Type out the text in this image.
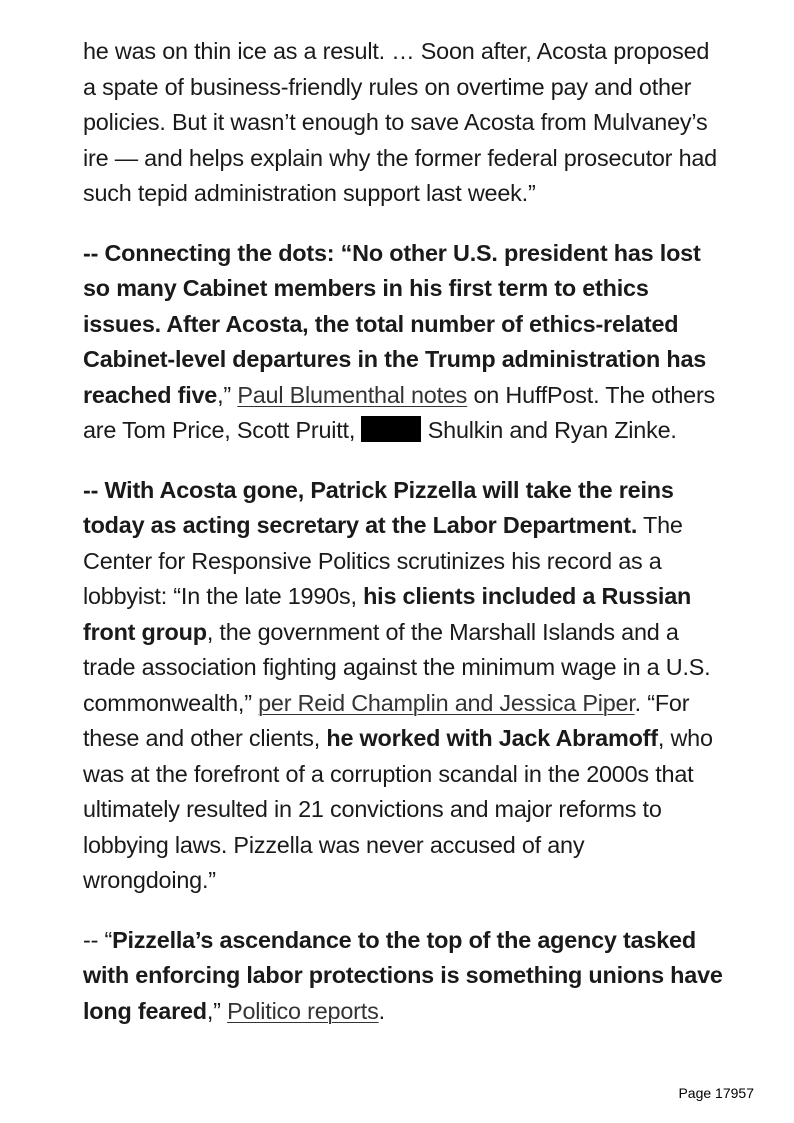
he was on thin ice as a result. … Soon after, Acosta proposed a spate of business-friendly rules on overtime pay and other policies. But it wasn’t enough to save Acosta from Mulvaney’s ire — and helps explain why the former federal prosecutor had such tepid administration support last week.”

-- Connecting the dots: “No other U.S. president has lost so many Cabinet members in his first term to ethics issues. After Acosta, the total number of ethics-related Cabinet-level departures in the Trump administration has reached five,” Paul Blumenthal notes on HuffPost. The others are Tom Price, Scott Pruitt,	Shulkin and Ryan Zinke.

-- With Acosta gone, Patrick Pizzella will take the reins today as acting secretary at the Labor Department. The Center for Responsive Politics scrutinizes his record as a lobbyist: “In the late 1990s, his clients included a Russian front group, the government of the Marshall Islands and a trade association fighting against the minimum wage in a U.S. commonwealth,” per Reid Champlin and Jessica Piper. “For these and other clients, he worked with Jack Abramoff, who was at the forefront of a corruption scandal in the 2000s that ultimately resulted in 21 convictions and major reforms to lobbying laws. Pizzella was never accused of any wrongdoing.”

-- “Pizzella’s ascendance to the top of the agency tasked with enforcing labor protections is something unions have long feared,” Politico reports.

Page 17957
